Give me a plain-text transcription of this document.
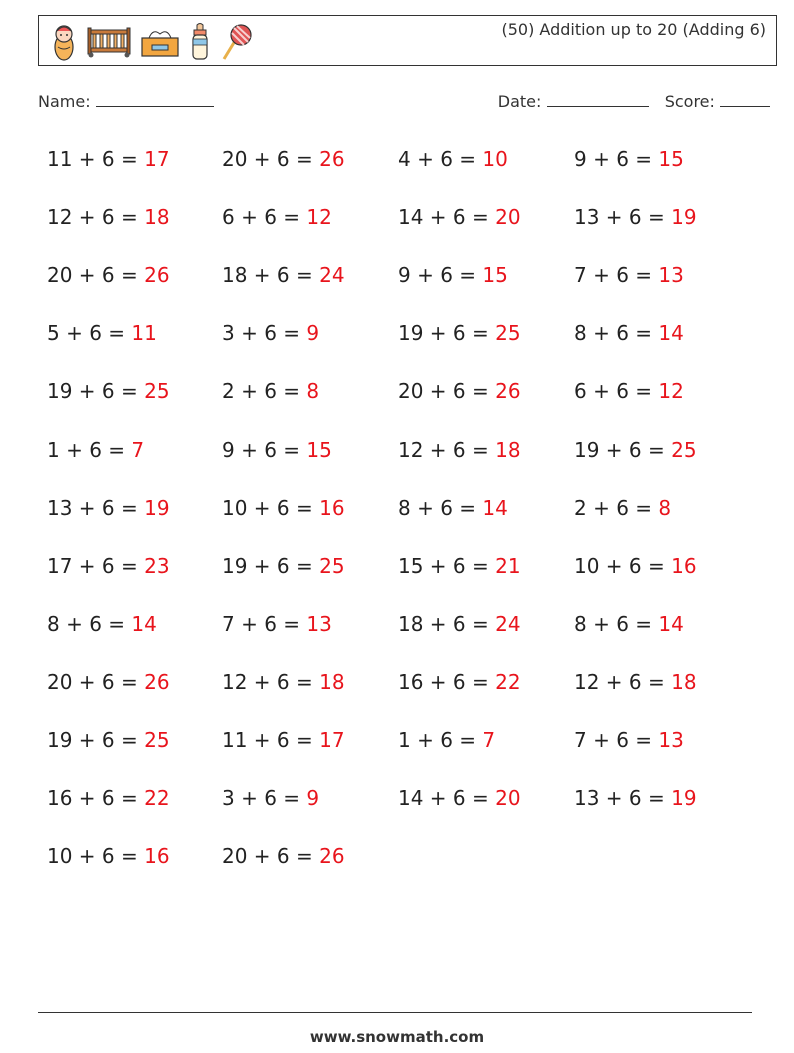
(50) Addition up to 20 (Adding 6)
Name:	Date:	Score:
11 + 6 = 17
12 + 6 = 18
20 + 6 = 26
5 + 6 = 11
19 + 6 = 25
1 + 6 = 7
13 + 6 = 19
17 + 6 = 23
8 + 6 = 14
20 + 6 = 26
19 + 6 = 25
16 + 6 = 22
10 + 6 = 16
20 + 6 = 26
6 + 6 = 12
18 + 6 = 24
3 + 6 = 9
2 + 6 = 8
9 + 6 = 15
10 + 6 = 16
19 + 6 = 25
7 + 6 = 13
12 + 6 = 18
11 + 6 = 17
3 + 6 = 9
20 + 6 = 26
4 + 6 = 10
14 + 6 = 20
9 + 6 = 15
19 + 6 = 25
20 + 6 = 26
12 + 6 = 18
8 + 6 = 14
15 + 6 = 21
18 + 6 = 24
16 + 6 = 22
1 + 6 = 7
14 + 6 = 20
9 + 6 = 15
13 + 6 = 19
7 + 6 = 13
8 + 6 = 14
6 + 6 = 12
19 + 6 = 25
2 + 6 = 8
10 + 6 = 16
8 + 6 = 14
12 + 6 = 18
7 + 6 = 13
13 + 6 = 19
www.snowmath.com
